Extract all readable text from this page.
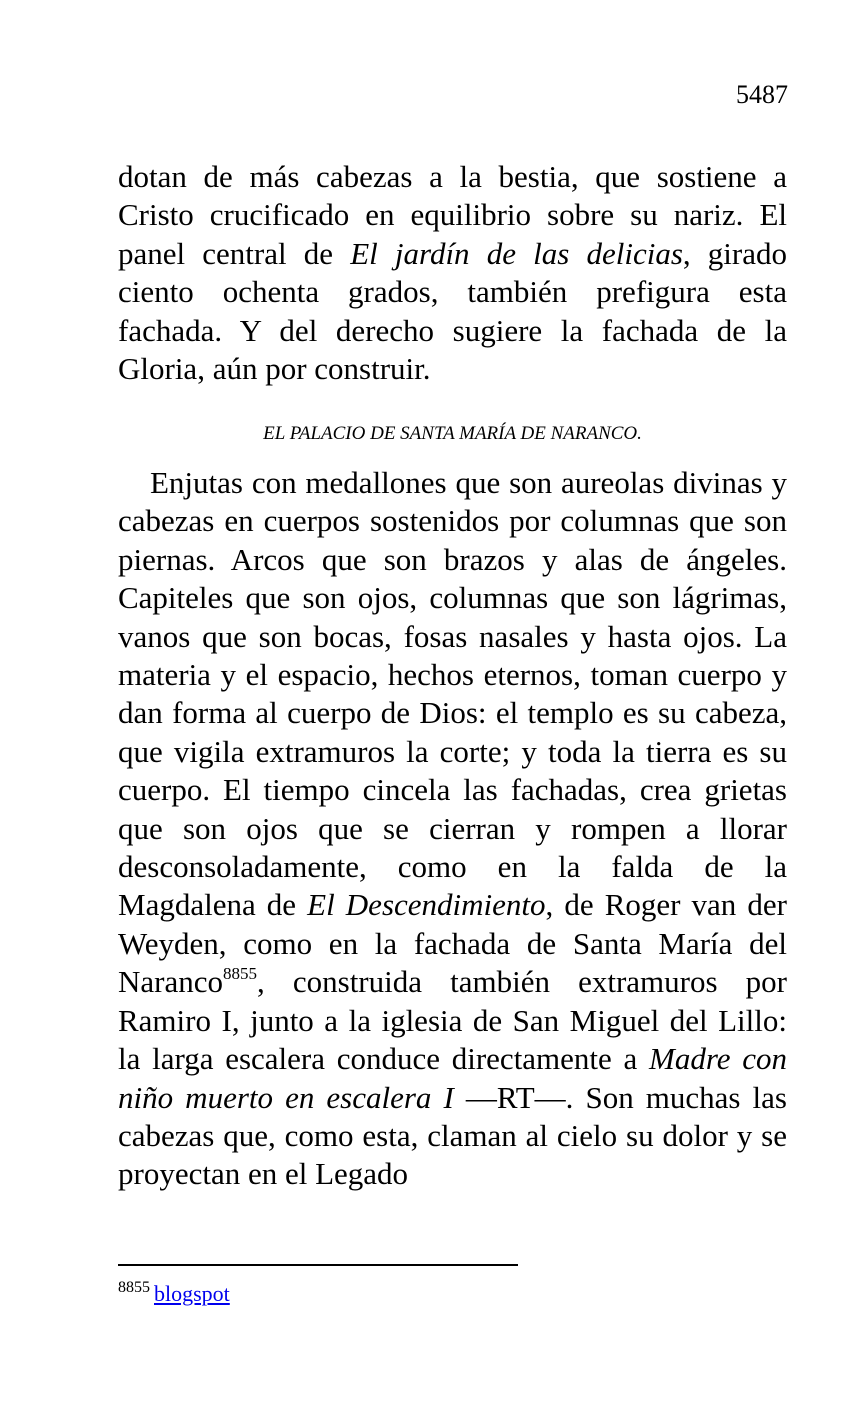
5487
dotan de más cabezas a la bestia, que sostiene a Cristo crucificado en equilibrio sobre su nariz. El panel central de El jardín de las delicias, girado ciento ochenta grados, también prefigura esta fachada. Y del derecho sugiere la fachada de la Gloria, aún por construir.
EL PALACIO DE SANTA MARÍA DE NARANCO.
Enjutas con medallones que son aureolas divinas y cabezas en cuerpos sostenidos por columnas que son piernas. Arcos que son brazos y alas de ángeles. Capiteles que son ojos, columnas que son lágrimas, vanos que son bocas, fosas nasales y hasta ojos. La materia y el espacio, hechos eternos, toman cuerpo y dan forma al cuerpo de Dios: el templo es su cabeza, que vigila extramuros la corte; y toda la tierra es su cuerpo. El tiempo cincela las fachadas, crea grietas que son ojos que se cierran y rompen a llorar desconsoladamente, como en la falda de la Magdalena de El Descendimiento, de Roger van der Weyden, como en la fachada de Santa María del Naranco$^{8855}$, construida también extramuros por Ramiro I, junto a la iglesia de San Miguel del Lillo: la larga escalera conduce directamente a Madre con niño muerto en escalera I —RT—. Son muchas las cabezas que, como esta, claman al cielo su dolor y se proyectan en el Legado
$^{8855}$ blogspot
